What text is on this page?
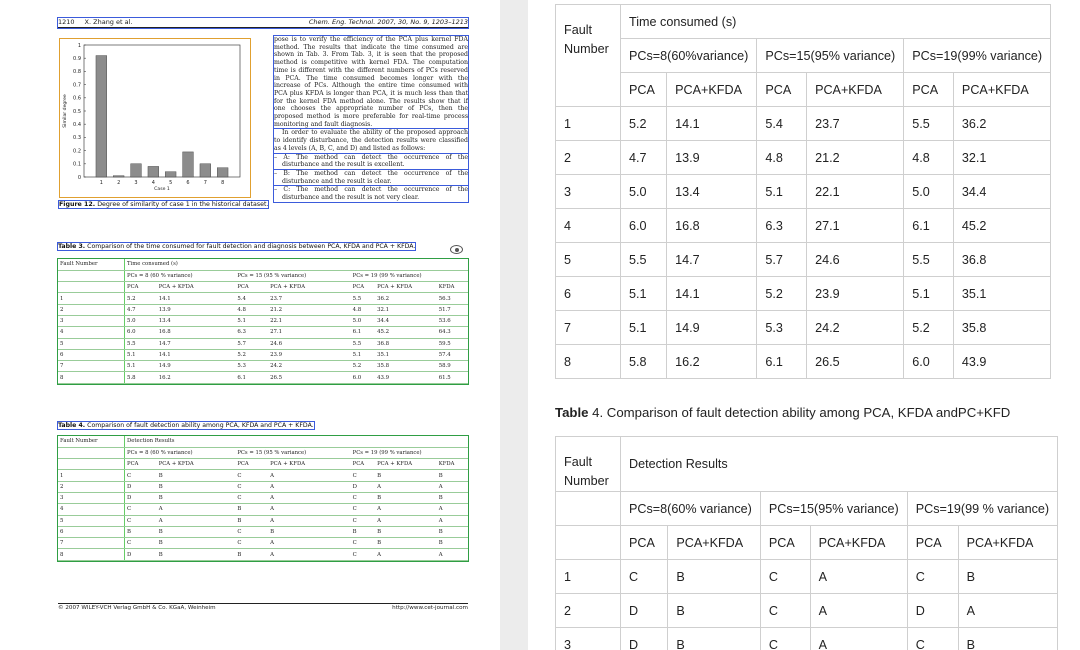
1210 X. Zhang et al.	Chem. Eng. Technol. 2007, 30, No. 9, 1203–1213
0
0.1
0.2
0.3
0.4
0.5
0.6
0.7
0.8
0.9
1
1	2	3	4	5	6	7	8
Case 1
Similar degree
Figure 12. Degree of similarity of case 1 in the historical dataset.

pose is to verify the efficiency of the PCA plus kernel FDA method. The results that indicate the time consumed are shown in Tab. 3. From Tab. 3, it is seen that the proposed method is competitive with kernel FDA. The computation time is different with the different numbers of PCs reserved in PCA. The time consumed becomes longer with the increase of PCs. Although the entire time consumed with PCA plus KFDA is longer than PCA, it is much less than that for the kernel FDA method alone. The results show that if one chooses the appropriate number of PCs, then the proposed method is more preferable for real-time process monitoring and fault diagnosis.

In order to evaluate the ability of the proposed approach to identify disturbance, the detection results were classified as 4 levels (A, B, C, and D) and listed as follows:

– A: The method can detect the occurrence of the disturbance and the result is excellent.

– B: The method can detect the occurrence of the disturbance and the result is clear.

– C: The method can detect the occurrence of the disturbance and the result is not very clear.

Table 3. Comparison of the time consumed for fault detection and diagnosis between PCA, KFDA and PCA + KFDA.
Fault Number	Time consumed (s)						
	PCs = 8 (60 % variance)		PCs = 15 (95 % variance)		PCs = 19 (99 % variance)		
	PCA	PCA + KFDA	PCA	PCA + KFDA	PCA	PCA + KFDA	KFDA
1	5.2	14.1	5.4	23.7	5.5	36.2	56.3
2	4.7	13.9	4.8	21.2	4.8	32.1	51.7
3	5.0	13.4	5.1	22.1	5.0	34.4	53.6
4	6.0	16.8	6.3	27.1	6.1	45.2	64.3
5	5.5	14.7	5.7	24.6	5.5	36.8	59.5
6	5.1	14.1	5.2	23.9	5.1	35.1	57.4
7	5.1	14.9	5.3	24.2	5.2	35.8	58.9
8	5.8	16.2	6.1	26.5	6.0	43.9	61.5
Table 4. Comparison of fault detection ability among PCA, KFDA and PCA + KFDA.
Fault Number	Detection Results						
	PCs = 8 (60 % variance)		PCs = 15 (95 % variance)		PCs = 19 (99 % variance)		
	PCA	PCA + KFDA	PCA	PCA + KFDA	PCA	PCA + KFDA	KFDA
1	C	B	C	A	C	B	B
2	D	B	C	A	D	A	A
3	D	B	C	A	C	B	B
4	C	A	B	A	C	A	A
5	C	A	B	A	C	A	A
6	B	B	C	B	B	B	B
7	C	B	C	A	C	B	B
8	D	B	B	A	C	A	A
© 2007 WILEY-VCH Verlag GmbH & Co. KGaA, Weinheim	http://www.cet-journal.com
Fault Number	Time consumed (s)					
	PCs=8(60%variance)		PCs=15(95% variance)		PCs=19(99% variance)	
	PCA	PCA+KFDA	PCA	PCA+KFDA	PCA	PCA+KFDA
1	5.2	14.1	5.4	23.7	5.5	36.2
2	4.7	13.9	4.8	21.2	4.8	32.1
3	5.0	13.4	5.1	22.1	5.0	34.4
4	6.0	16.8	6.3	27.1	6.1	45.2
5	5.5	14.7	5.7	24.6	5.5	36.8
6	5.1	14.1	5.2	23.9	5.1	35.1
7	5.1	14.9	5.3	24.2	5.2	35.8
8	5.8	16.2	6.1	26.5	6.0	43.9
Table 4. Comparison of fault detection ability among PCA, KFDA andPC+KFD
Fault Number	Detection Results					
	PCs=8(60% variance)		PCs=15(95% variance)		PCs=19(99 % variance)	
	PCA	PCA+KFDA	PCA	PCA+KFDA	PCA	PCA+KFDA
1	C	B	C	A	C	B
2	D	B	C	A	D	A
3	D	B	C	A	C	B
